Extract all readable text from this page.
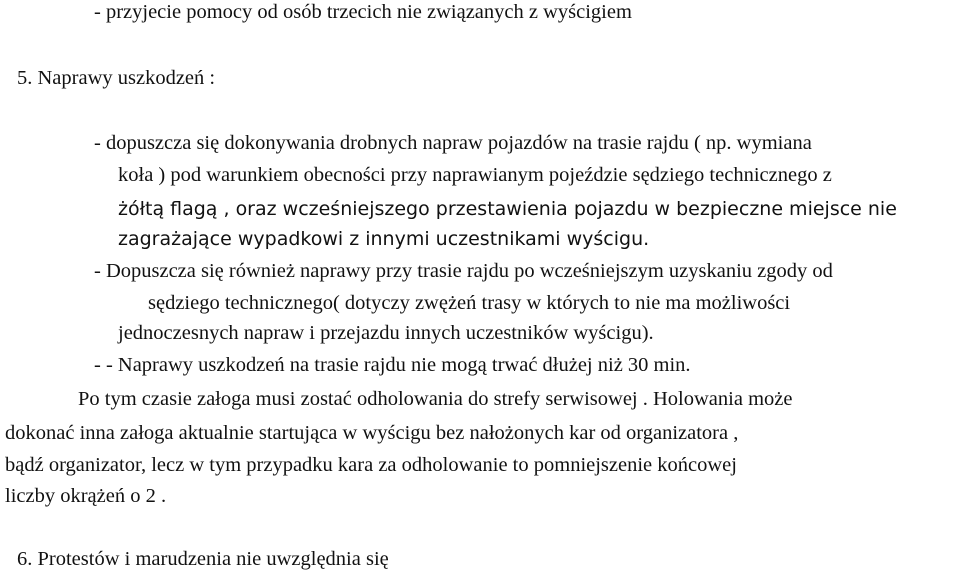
- przyjecie pomocy od osób trzecich nie związanych z wyścigiem
5. Naprawy uszkodzeń :
- dopuszcza się dokonywania drobnych napraw pojazdów na trasie rajdu ( np. wymiana
koła ) pod warunkiem obecności przy naprawianym pojeździe sędziego technicznego z
żółtą flagą , oraz wcześniejszego przestawienia pojazdu w bezpieczne miejsce nie
zagrażające wypadkowi z innymi uczestnikami wyścigu.
- Dopuszcza się również naprawy przy trasie rajdu po wcześniejszym uzyskaniu zgody od
sędziego technicznego( dotyczy zwężeń trasy w których to nie ma możliwości
jednoczesnych napraw i przejazdu innych uczestników wyścigu).
- - Naprawy uszkodzeń na trasie rajdu nie mogą trwać dłużej niż 30 min.
Po tym czasie załoga musi zostać odholowania do strefy serwisowej . Holowania może
dokonać inna załoga aktualnie startująca w wyścigu bez nałożonych kar od organizatora ,
bądź organizator, lecz w tym przypadku kara za odholowanie to pomniejszenie końcowej
liczby okrążeń o 2 .
6. Protestów i marudzenia nie uwzględnia się
